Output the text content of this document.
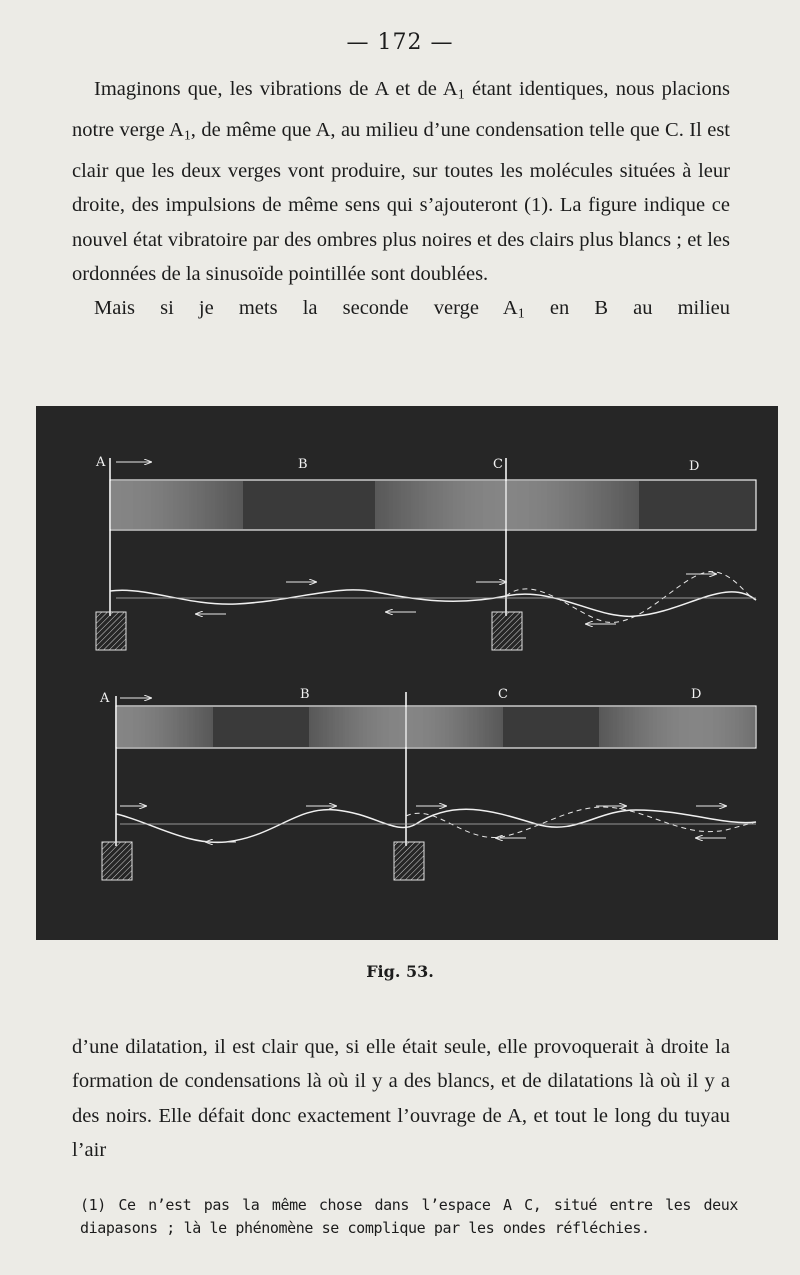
— 172 —

Imaginons que, les vibrations de A et de $A_1$ étant identiques, nous placions notre verge $A_1$, de même que A, au milieu d’une condensation telle que C. Il est clair que les deux verges vont produire, sur toutes les molécules situées à leur droite, des impulsions de même sens qui s’ajouteront (1). La figure indique ce nouvel état vibratoire par des ombres plus noires et des clairs plus blancs ; et les ordonnées de la sinusoïde pointillée sont doublées.

Mais si je mets la seconde verge $A_1$ en B au milieu

A	B	C	D
A	B	C	D
Fig. 53.

d’une dilatation, il est clair que, si elle était seule, elle provoquerait à droite la formation de condensations là où il y a des blancs, et de dilatations là où il y a des noirs. Elle défait donc exactement l’ouvrage de A, et tout le long du tuyau l’air

(1) Ce n’est pas la même chose dans l’espace A C, situé entre les deux diapasons ; là le phénomène se complique par les ondes réfléchies.
